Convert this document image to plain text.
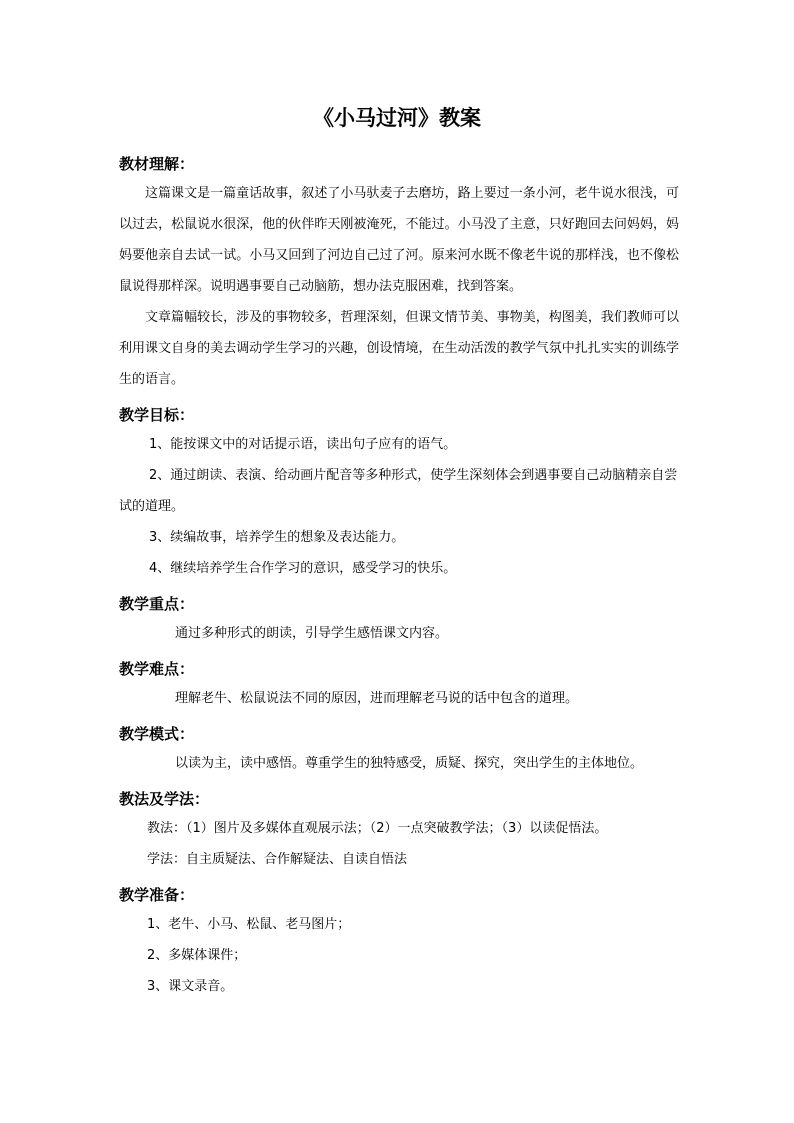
《小马过河》教案
教材理解：
这篇课文是一篇童话故事，叙述了小马驮麦子去磨坊，路上要过一条小河，老牛说水很浅，可以过去，松鼠说水很深，他的伙伴昨天刚被淹死，不能过。小马没了主意，只好跑回去问妈妈，妈妈要他亲自去试一试。小马又回到了河边自己过了河。原来河水既不像老牛说的那样浅，也不像松鼠说得那样深。说明遇事要自己动脑筋，想办法克服困难，找到答案。
文章篇幅较长，涉及的事物较多，哲理深刻，但课文情节美、事物美，构图美，我们教师可以利用课文自身的美去调动学生学习的兴趣，创设情境，在生动活泼的教学气氛中扎扎实实的训练学生的语言。
教学目标：
1、能按课文中的对话提示语，读出句子应有的语气。
2、通过朗读、表演、给动画片配音等多种形式，使学生深刻体会到遇事要自己动脑精亲自尝试的道理。
3、续编故事，培养学生的想象及表达能力。
4、继续培养学生合作学习的意识，感受学习的快乐。
教学重点：
通过多种形式的朗读，引导学生感悟课文内容。
教学难点：
理解老牛、松鼠说法不同的原因，进而理解老马说的话中包含的道理。
教学模式：
以读为主，读中感悟。尊重学生的独特感受，质疑、探究，突出学生的主体地位。
教法及学法：
教法：（1）图片及多媒体直观展示法；（2）一点突破教学法；（3）以读促悟法。
学法：自主质疑法、合作解疑法、自读自悟法
教学准备：
1、老牛、小马、松鼠、老马图片；
2、多媒体课件；
3、课文录音。
